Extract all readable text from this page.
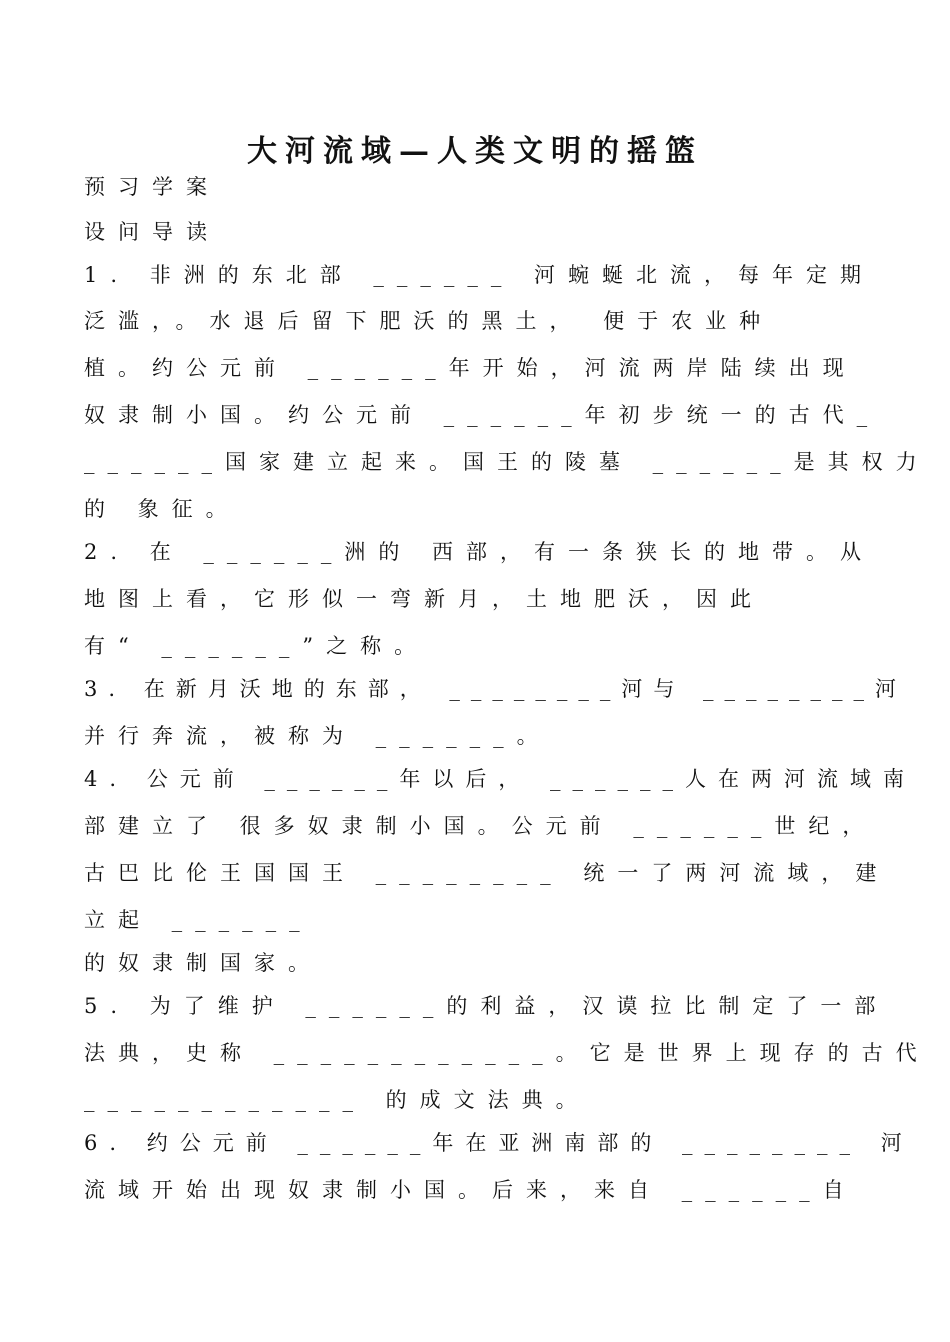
大河流域—人类文明的摇篮
预习学案
设问导读
1. 非洲的东北部 ______ 河蜿蜒北流，每年定期
泛滥，。水退后留下肥沃的黑土， 便于农业种
植。约公元前 ______年开始，河流两岸陆续出现
奴隶制小国。约公元前 ______年初步统一的古代_
______国家建立起来。国王的陵墓 ______是其权力
的 象征。
2. 在 ______洲的 西部，有一条狭长的地带。从
地图上看，它形似一弯新月，土地肥沃，因此
有“ ______”之称。
3. 在新月沃地的东部， ________河与 ________河
并行奔流，被称为 ______。
4. 公元前 ______年以后， ______人在两河流域南
部建立了 很多奴隶制小国。公元前 ______世纪，
古巴比伦王国国王 ________ 统一了两河流域，建
立起 ______
的奴隶制国家。
5. 为了维护 ______的利益，汉谟拉比制定了一部
法典，史称 ____________。它是世界上现存的古代
____________ 的成文法典。
6. 约公元前 ______年在亚洲南部的 ________ 河
流域开始出现奴隶制小国。后来，来自 ______自
